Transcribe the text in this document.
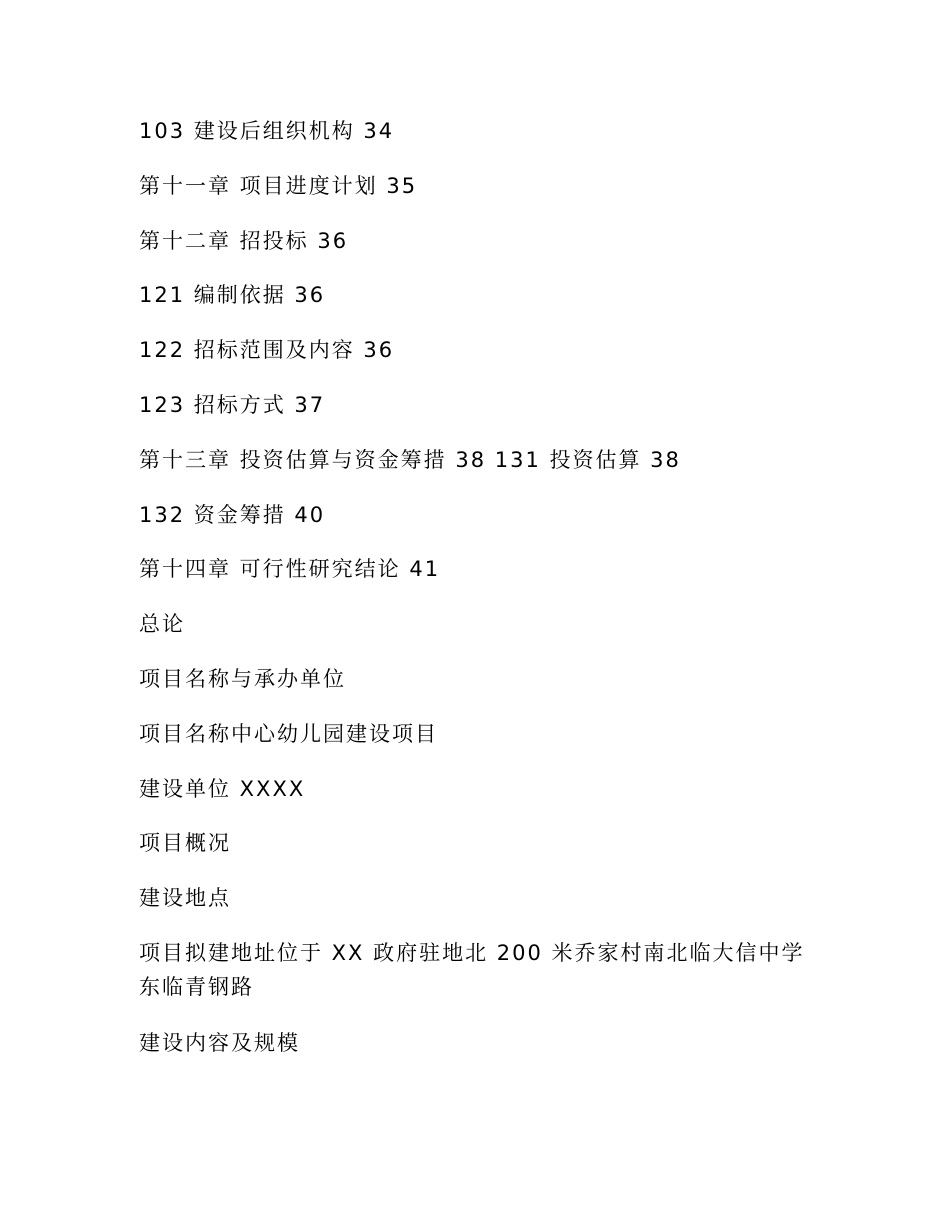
103 建设后组织机构 34
第十一章 项目进度计划 35
第十二章 招投标 36
121 编制依据 36
122 招标范围及内容 36
123 招标方式 37
第十三章 投资估算与资金筹措 38 131 投资估算 38
132 资金筹措 40
第十四章 可行性研究结论 41
总论
项目名称与承办单位
项目名称中心幼儿园建设项目
建设单位 XXXX
项目概况
建设地点
项目拟建地址位于 XX 政府驻地北 200 米乔家村南北临大信中学东临青钢路
建设内容及规模
